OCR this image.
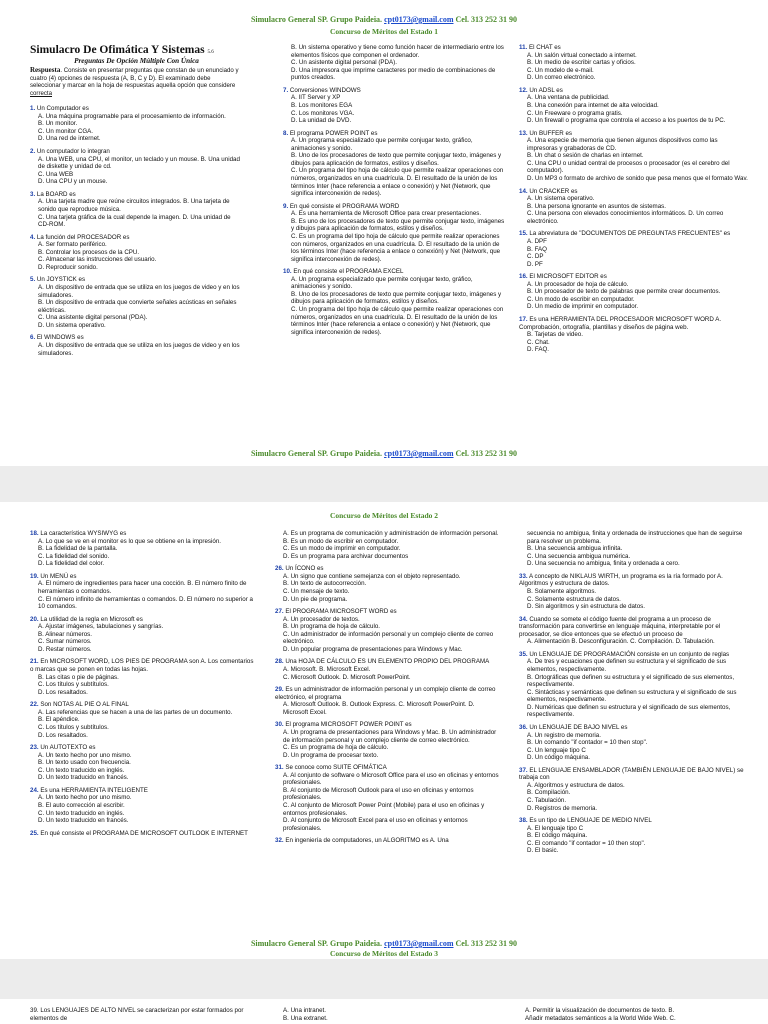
Simulacro General SP. Grupo Paideia. cpt0173@gmail.com Cel. 313 252 31 90
Concurso de Méritos del Estado 1

Simulacro De Ofimática Y Sistemas 5.6

Preguntas De Opción Múltiple Con Única

Respuesta. Consiste en presentar preguntas que constan de un enunciado y cuatro (4) opciones de respuesta (A, B, C y D). El examinado debe seleccionar y marcar en la hoja de respuestas aquella opción que considere correcta

1. Un Computador es

A. Una máquina programable para el procesamiento de información.

B. Un monitor.

C. Un monitor CGA.

D. Una red de internet.

2. Un computador lo integran

A. Una WEB, una CPU, el monitor, un teclado y un mouse. B. Una unidad de diskette y unidad de cd.

C. Una WEB

D. Una CPU y un mouse.

3. La BOARD es

A. Una tarjeta madre que reúne circuitos integrados. B. Una tarjeta de sonido que reproduce música.

C. Una tarjeta gráfica de la cual depende la imagen. D. Una unidad de CD-ROM.

4. La función del PROCESADOR es

A. Ser formato periférico.

B. Controlar los procesos de la CPU.

C. Almacenar las instrucciones del usuario.

D. Reproducir sonido.

5. Un JOYSTICK es

A. Un dispositivo de entrada que se utiliza en los juegos de video y en los simuladores.

B. Un dispositivo de entrada que convierte señales acústicas en señales eléctricas.

C. Una asistente digital personal (PDA).

D. Un sistema operativo.

6. El WINDOWS es

A. Un dispositivo de entrada que se utiliza en los juegos de video y en los simuladores.

B. Un sistema operativo y tiene como función hacer de intermediario entre los elementos físicos que componen el ordenador.

C. Un asistente digital personal (PDA).

D. Una impresora que imprime caracteres por medio de combinaciones de puntos creados.

7. Conversiones WINDOWS

A. IIT Server y XP

B. Los monitores EGA

C. Los monitores VGA.

D. La unidad de DVD.

8. El programa POWER POINT es

A. Un programa especializado que permite conjugar texto, gráfico, animaciones y sonido.

B. Uno de los procesadores de texto que permite conjugar texto, imágenes y dibujos para aplicación de formatos, estilos y diseños.

C. Un programa del tipo hoja de cálculo que permite realizar operaciones con números, organizados en una cuadrícula. D. El resultado de la unión de los términos Inter (hace referencia a enlace o conexión) y Net (Network, que significa interconexión de redes).

9. En qué consiste el PROGRAMA WORD

A. Es una herramienta de Microsoft Office para crear presentaciones.

B. Es uno de los procesadores de texto que permite conjugar texto, imágenes y dibujos para aplicación de formatos, estilos y diseños.

C. Es un programa del tipo hoja de cálculo que permite realizar operaciones con números, organizados en una cuadrícula. D. El resultado de la unión de los términos Inter (hace referencia a enlace o conexión) y Net (Network, que significa interconexión de redes).

10. En qué consiste el PROGRAMA EXCEL

A. Un programa especializado que permite conjugar texto, gráfico, animaciones y sonido.

B. Uno de los procesadores de texto que permite conjugar texto, imágenes y dibujos para aplicación de formatos, estilos y diseños.

C. Un programa del tipo hoja de cálculo que permite realizar operaciones con números, organizados en una cuadrícula. D. El resultado de la unión de los términos Inter (hace referencia a enlace o conexión) y Net (Network, que significa interconexión de redes).

11. El CHAT es

A. Un salón virtual conectado a internet.

B. Un medio de escribir cartas y oficios.

C. Un modelo de e-mail.

D. Un correo electrónico.

12. Un ADSL es

A. Una ventana de publicidad.

B. Una conexión para internet de alta velocidad.

C. Un Freeware o programa gratis.

D. Un firewall o programa que controla el acceso a los puertos de tu PC.

13. Un BUFFER es

A. Una especie de memoria que tienen algunos dispositivos como las impresoras y grabadoras de CD.

B. Un chat o sesión de charlas en internet.

C. Una CPU o unidad central de procesos o procesador (es el cerebro del computador).

D. Un MP3 o formato de archivo de sonido que pesa menos que el formato Wav.

14. Un CRACKER es

A. Un sistema operativo.

B. Una persona ignorante en asuntos de sistemas.

C. Una persona con elevados conocimientos informáticos. D. Un correo electrónico.

15. La abreviatura de "DOCUMENTOS DE PREGUNTAS FRECUENTES" es

A. DPF

B. FAQ

C. DP

D. PF

16. El MICROSOFT EDITOR es

A. Un procesador de hoja de cálculo.

B. Un procesador de texto de palabras que permite crear documentos.

C. Un modo de escribir en computador.

D. Un medio de imprimir en computador.

17. Es una HERRAMIENTA DEL PROCESADOR MICROSOFT WORD A. Comprobación, ortografía, plantillas y diseños de página web.

B. Tarjetas de video.

C. Chat.

D. FAQ.

Simulacro General SP. Grupo Paideia. cpt0173@gmail.com Cel. 313 252 31 90
Concurso de Méritos del Estado 2

18. La característica WYSIWYG es

A. Lo que se ve en el monitor es lo que se obtiene en la impresión.

B. La fidelidad de la pantalla.

C. La fidelidad del sonido.

D. La fidelidad del color.

19. Un MENÚ es

A. El número de ingredientes para hacer una cocción. B. El número finito de herramientas o comandos.

C. El número infinito de herramientas o comandos. D. El número no superior a 10 comandos.

20. La utilidad de la regla en Microsoft es

A. Ajustar imágenes, tabulaciones y sangrías.

B. Alinear números.

C. Sumar números.

D. Restar números.

21. En MICROSOFT WORD, LOS PIES DE PROGRAMA son A. Los comentarios o marcas que se ponen en todas las hojas.

B. Las citas o pie de páginas.

C. Los títulos y subtítulos.

D. Los resaltados.

22. Son NOTAS AL PIE O AL FINAL

A. Las referencias que se hacen a una de las partes de un documento.

B. El apéndice.

C. Los títulos y subtítulos.

D. Los resaltados.

23. Un AUTOTEXTO es

A. Un texto hecho por uno mismo.

B. Un texto usado con frecuencia.

C. Un texto traducido en inglés.

D. Un texto traducido en francés.

24. Es una HERRAMIENTA INTELIGENTE

A. Un texto hecho por uno mismo.

B. El auto corrección al escribir.

C. Un texto traducido en inglés.

D. Un texto traducido en francés.

25. En qué consiste el PROGRAMA DE MICROSOFT OUTLOOK E INTERNET

A. Es un programa de comunicación y administración de información personal.

B. Es un modo de escribir en computador.

C. Es un modo de imprimir en computador.

D. Es un programa para archivar documentos

26. Un ÍCONO es

A. Un signo que contiene semejanza con el objeto representado.

B. Un texto de autocorrección.

C. Un mensaje de texto.

D. Un pie de programa.

27. El PROGRAMA MICROSOFT WORD es

A. Un procesador de textos.

B. Un programa de hoja de cálculo.

C. Un administrador de información personal y un complejo cliente de correo electrónico.

D. Un popular programa de presentaciones para Windows y Mac.

28. Una HOJA DE CÁLCULO ES UN ELEMENTO PROPIO DEL PROGRAMA

A. Microsoft. B. Microsoft Excel.

C. Microsoft Outlook. D. Microsoft PowerPoint.

29. Es un administrador de información personal y un complejo cliente de correo electrónico, el programa

A. Microsoft Outlook. B. Outlook Express. C. Microsoft PowerPoint. D. Microsoft Excel.

30. El programa MICROSOFT POWER POINT es

A. Un programa de presentaciones para Windows y Mac. B. Un administrador de información personal y un complejo cliente de correo electrónico.

C. Es un programa de hoja de cálculo.

D. Un programa de procesar texto.

31. Se conoce como SUITE OFIMÁTICA

A. Al conjunto de software o Microsoft Office para el uso en oficinas y entornos profesionales.

B. Al conjunto de Microsoft Outlook para el uso en oficinas y entornos profesionales.

C. Al conjunto de Microsoft Power Point (Mobile) para el uso en oficinas y entornos profesionales.

D. Al conjunto de Microsoft Excel para el uso en oficinas y entornos profesionales.

32. En ingeniería de computadores, un ALGORITMO es A. Una

secuencia no ambigua, finita y ordenada de instrucciones que han de seguirse para resolver un problema.

B. Una secuencia ambigua infinita.

C. Una secuencia ambigua numérica.

D. Una secuencia no ambigua, finita y ordenada a cero.

33. A concepto de NIKLAUS WIRTH, un programa es la ría formado por A. Algoritmos y estructura de datos.

B. Solamente algoritmos.

C. Solamente estructura de datos.

D. Sin algoritmos y sin estructura de datos.

34. Cuando se somete el código fuente del programa a un proceso de transformación para convertirse en lenguaje máquina, interpretable por el procesador, se dice entonces que se efectuó un proceso de

A. Alimentación B. Desconfiguración. C. Compilación. D. Tabulación.

35. Un LENGUAJE DE PROGRAMACIÓN consiste en un conjunto de reglas

A. De tres y ecuaciones que definen su estructura y el significado de sus elementos, respectivamente.

B. Ortográficas que definen su estructura y el significado de sus elementos, respectivamente.

C. Sintácticas y semánticas que definen su estructura y el significado de sus elementos, respectivamente.

D. Numéricas que definen su estructura y el significado de sus elementos, respectivamente.

36. Un LENGUAJE DE BAJO NIVEL es

A. Un registro de memoria.

B. Un comando "if contador = 10 then stop".

C. Un lenguaje tipo C

D. Un código máquina.

37. EL LENGUAJE ENSAMBLADOR (TAMBIÉN LENGUAJE DE BAJO NIVEL) se trabaja con

A. Algoritmos y estructura de datos.

B. Compilación.

C. Tabulación.

D. Registros de memoria.

38. Es un tipo de LENGUAJE DE MEDIO NIVEL

A. El lenguaje tipo C

B. El código máquina.

C. El comando "if contador = 10 then stop".

D. El basic.

Simulacro General SP. Grupo Paideia. cpt0173@gmail.com Cel. 313 252 31 90
Concurso de Méritos del Estado 3

39. Los LENGUAJES DE ALTO NIVEL se caracterizan por estar formados por elementos de

A. Una intranet.

B. Una extranet.

A. Permitir la visualización de documentos de texto. B.

Añadir metadatos semánticos a la World Wide Web. C.
